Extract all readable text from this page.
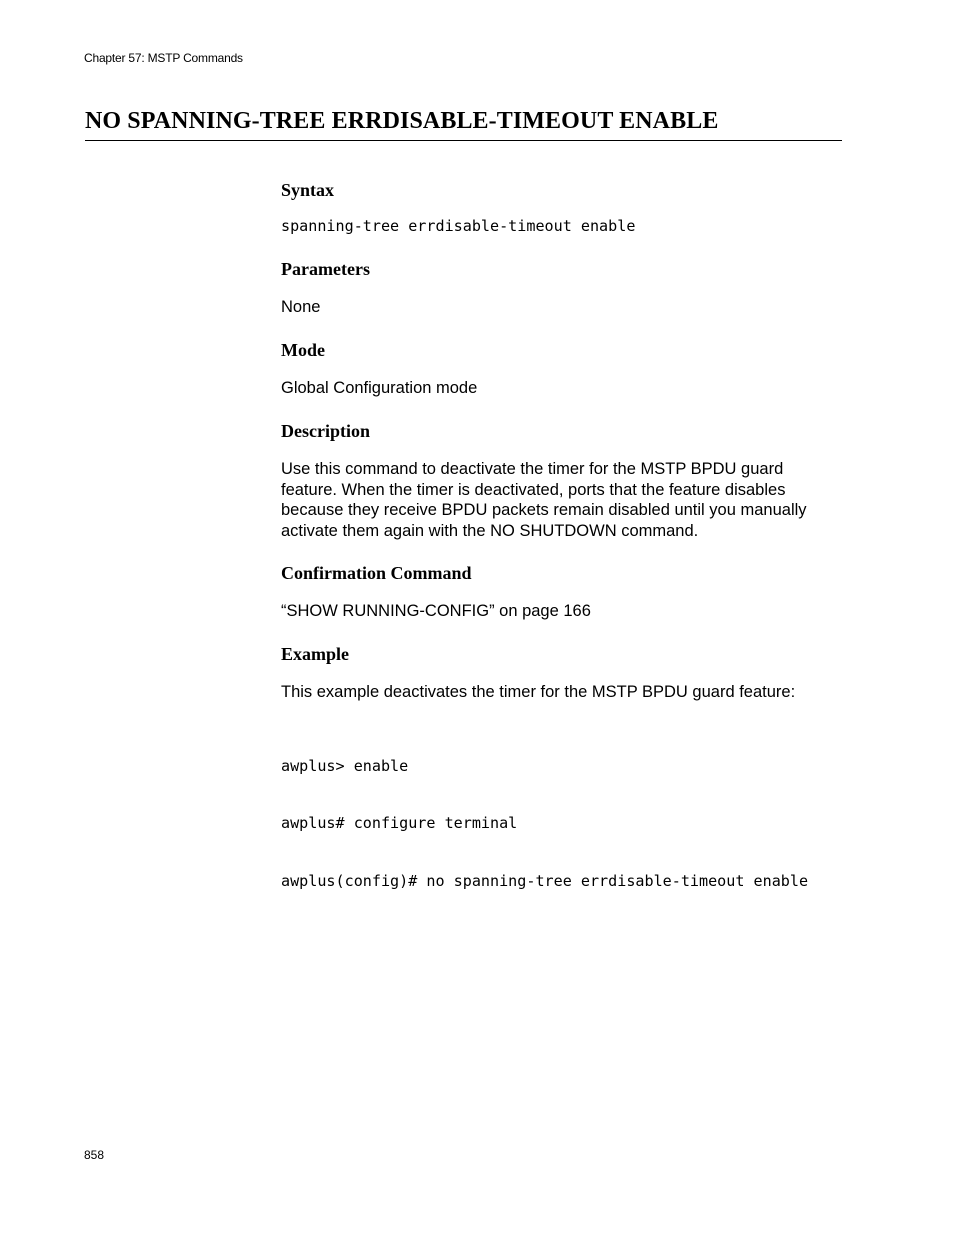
Chapter 57: MSTP Commands
NO SPANNING-TREE ERRDISABLE-TIMEOUT ENABLE
Syntax
spanning-tree errdisable-timeout enable
Parameters

None

Mode

Global Configuration mode

Description
Use this command to deactivate the timer for the MSTP BPDU guard
feature. When the timer is deactivated, ports that the feature disables
because they receive BPDU packets remain disabled until you manually
activate them again with the NO SHUTDOWN command.
Confirmation Command

“SHOW RUNNING-CONFIG” on page 166

Example

This example deactivates the timer for the MSTP BPDU guard feature:

awplus> enable

awplus# configure terminal

awplus(config)# no spanning-tree errdisable-timeout enable

858
